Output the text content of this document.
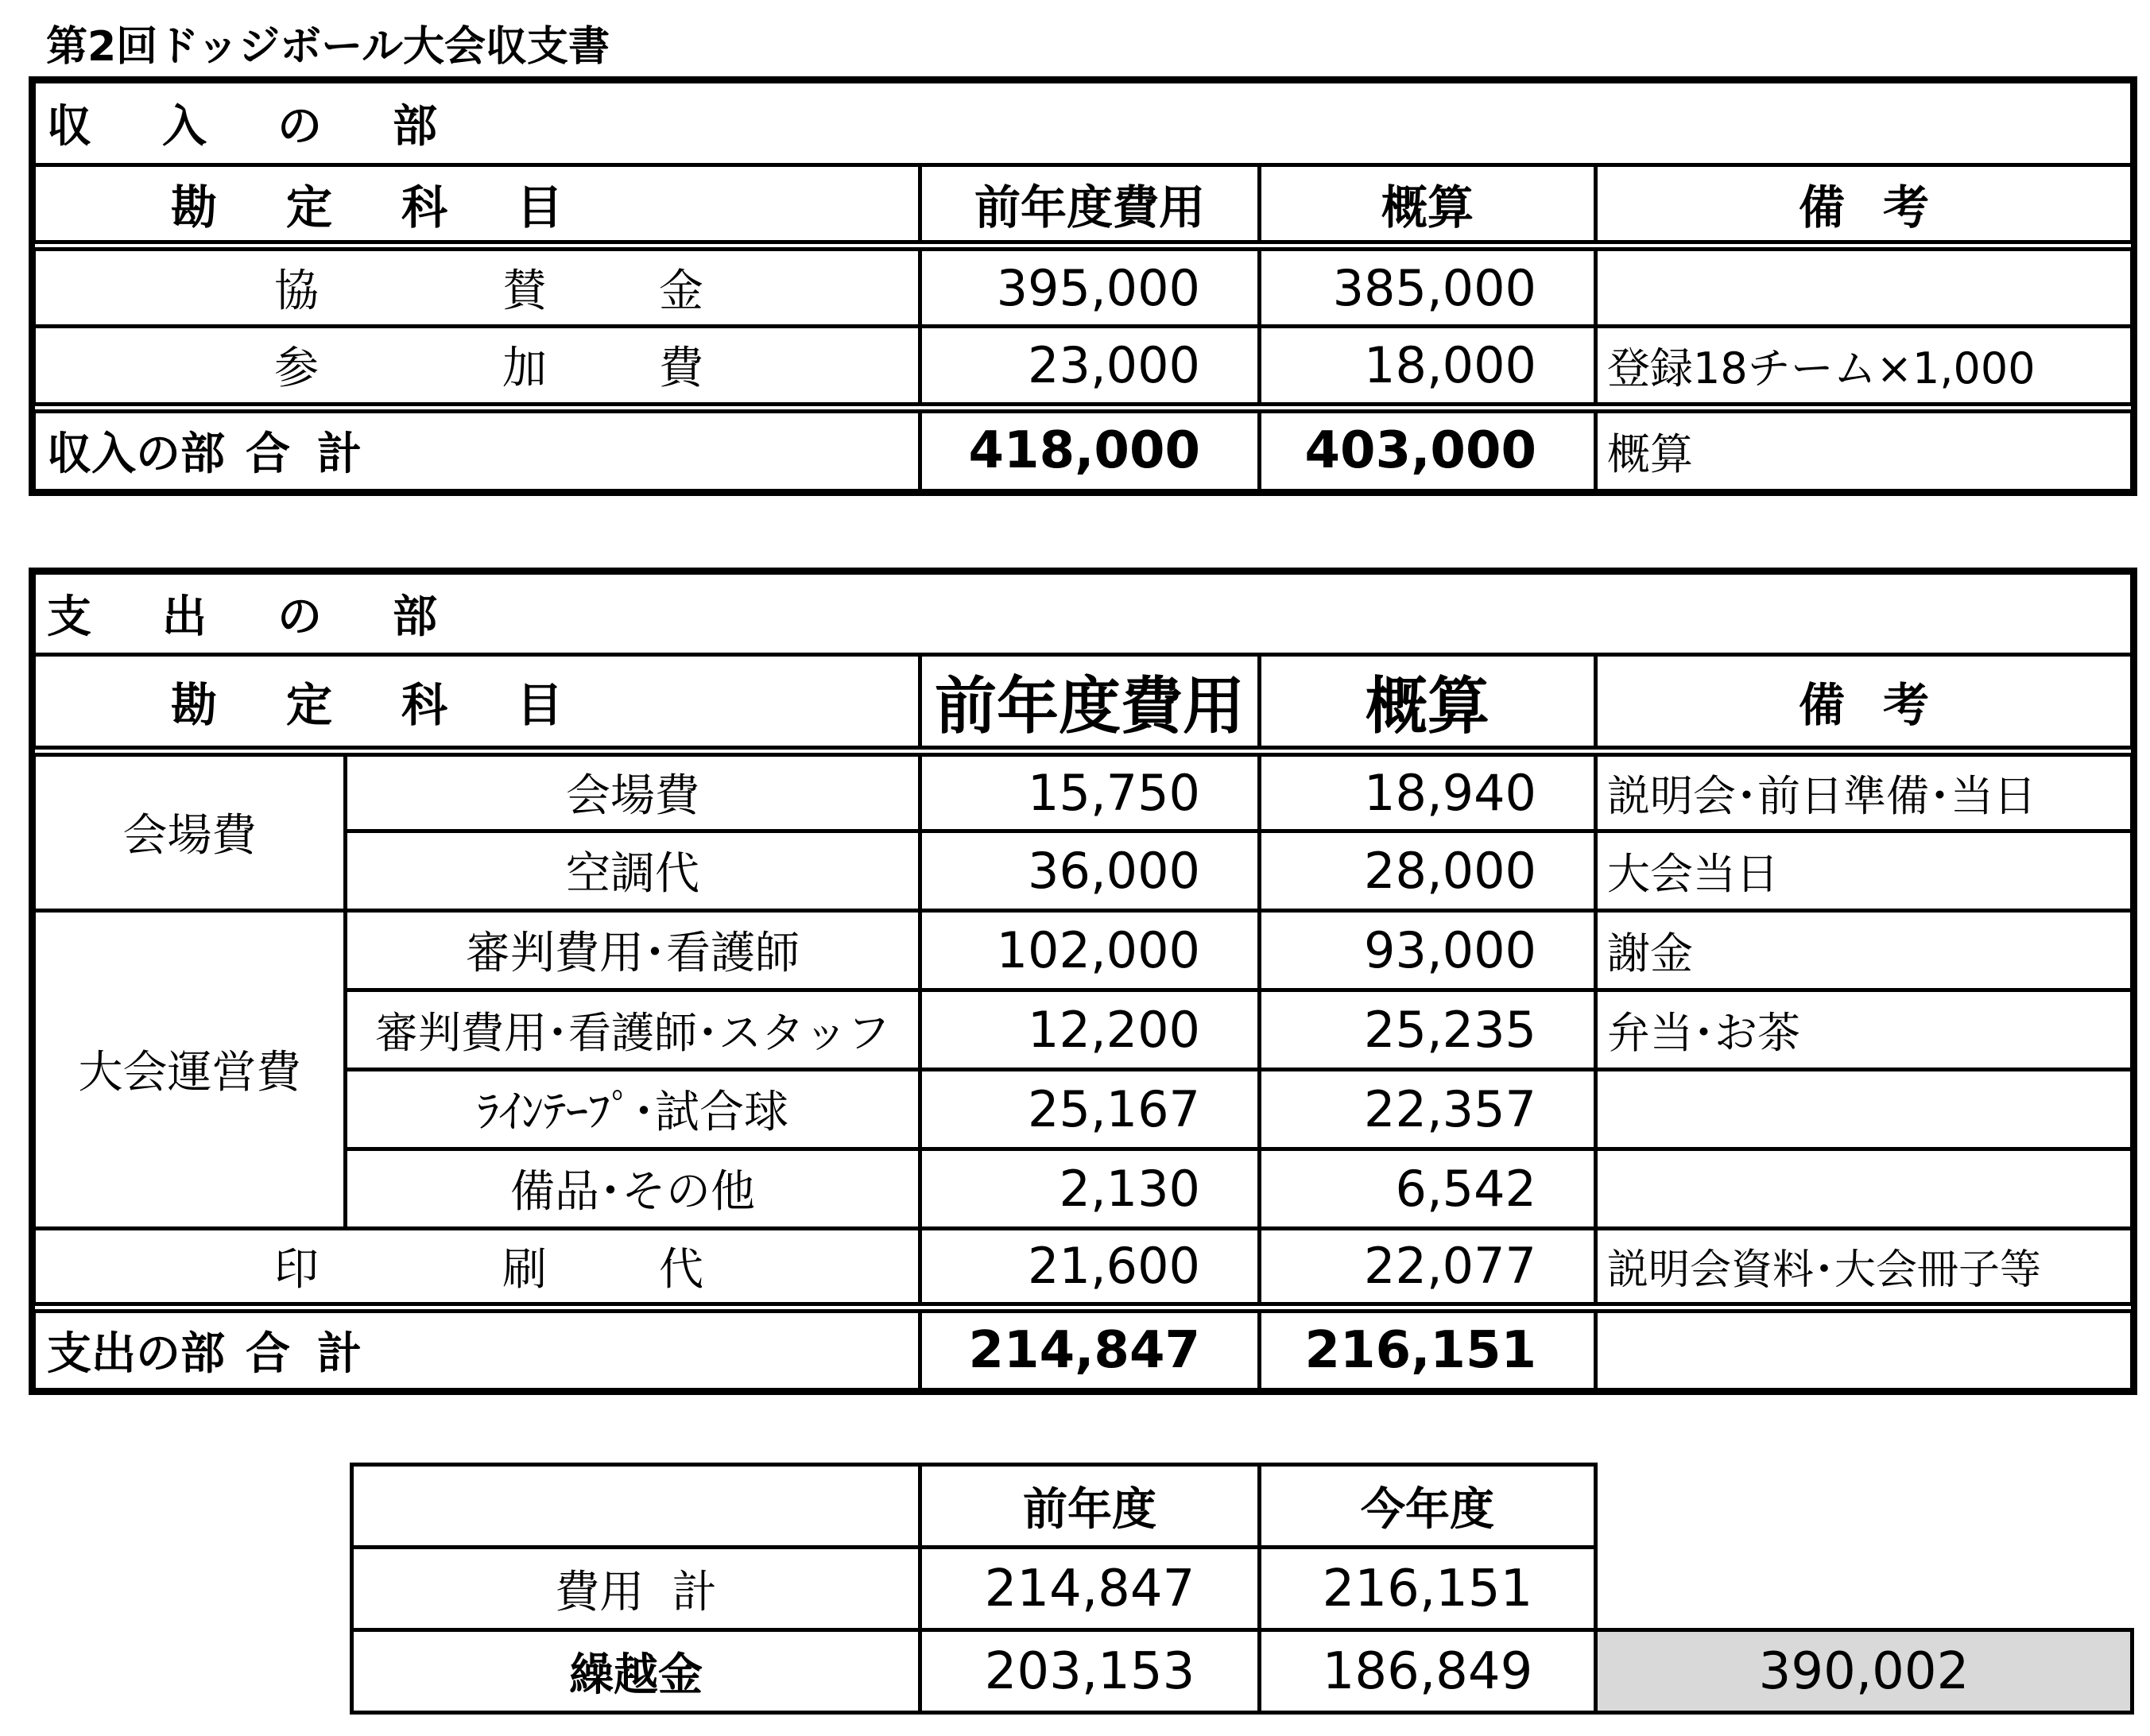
第2回ドッジボール大会収支書
収 入 の 部			
勘 定 科 目	前年度費用	概算	備 考
協 賛 金	395,000	385,000	
参 加 費	23,000	18,000	登録18チーム×1,000
収入の部 合 計	418,000	403,000	概算
支 出 の 部				
勘 定 科 目		前年度費用	概算	備 考
会場費	会場費	15,750	18,940	説明会･前日準備･当日
	空調代	36,000	28,000	大会当日
大会運営費	審判費用･看護師	102,000	93,000	謝金
	審判費用･看護師･スタッフ	12,200	25,235	弁当･お茶
	ﾗｲﾝﾃｰﾌﾟ･試合球	25,167	22,357	
	備品･その他	2,130	6,542	
印 刷 代		21,600	22,077	説明会資料･大会冊子等
支出の部 合 計		214,847	216,151	
	前年度	今年度	
費用  計	214,847	216,151	
繰越金	203,153	186,849	390,002
